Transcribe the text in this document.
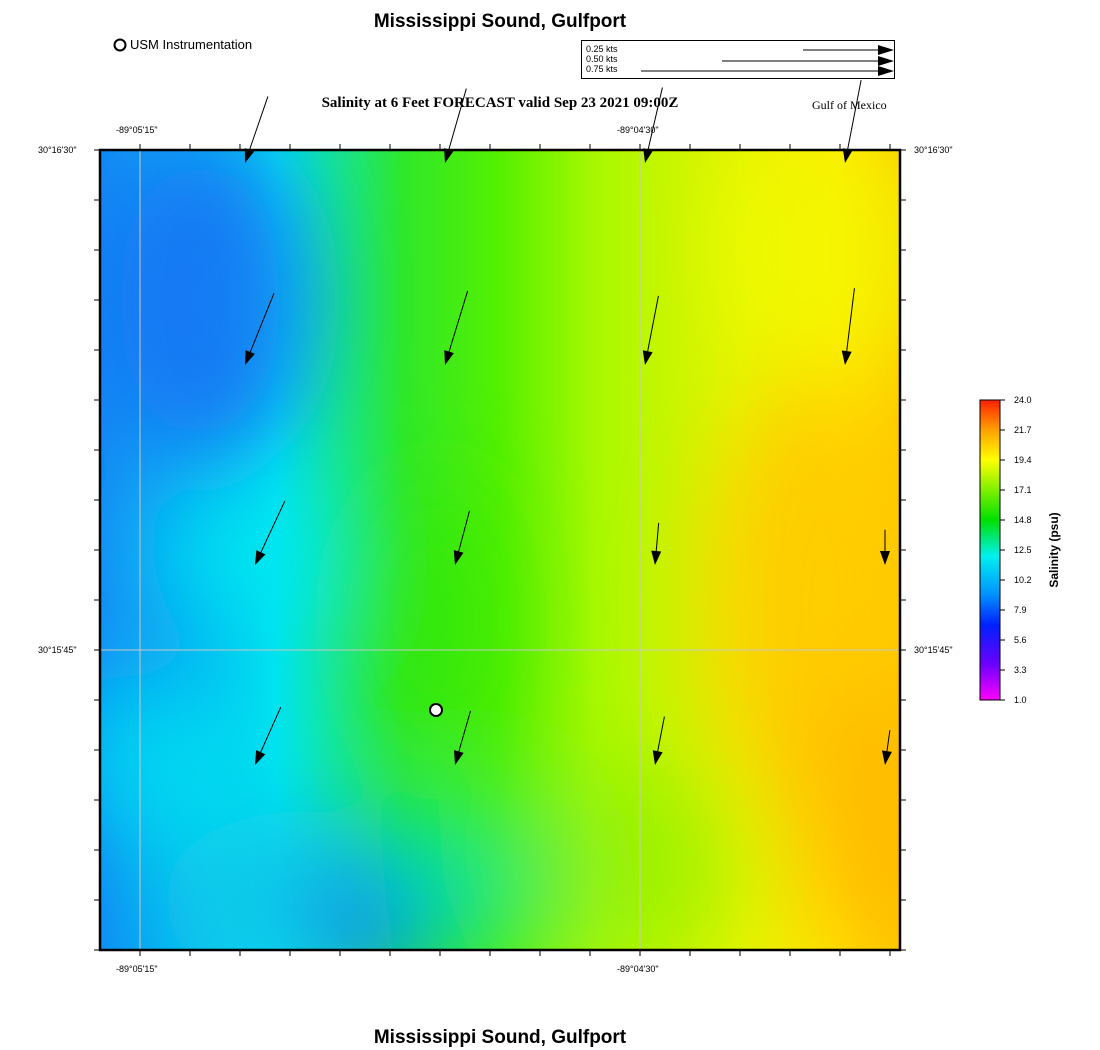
Mississippi Sound, Gulfport
USM Instrumentation	0.25 kts
0.50 kts
0.75 kts
Salinity at 6 Feet FORECAST valid Sep 23 2021 09:00Z	Gulf of Mexico
-89°05'15"	-89°04'30"
-89°05'15"	-89°04'30"
30°16'30"
30°15'45"
30°16'30"
30°15'45"
24.0
21.7
19.4
17.1
14.8
12.5
10.2
7.9
5.6
3.3
1.0
Salinity (psu)
Mississippi Sound, Gulfport
